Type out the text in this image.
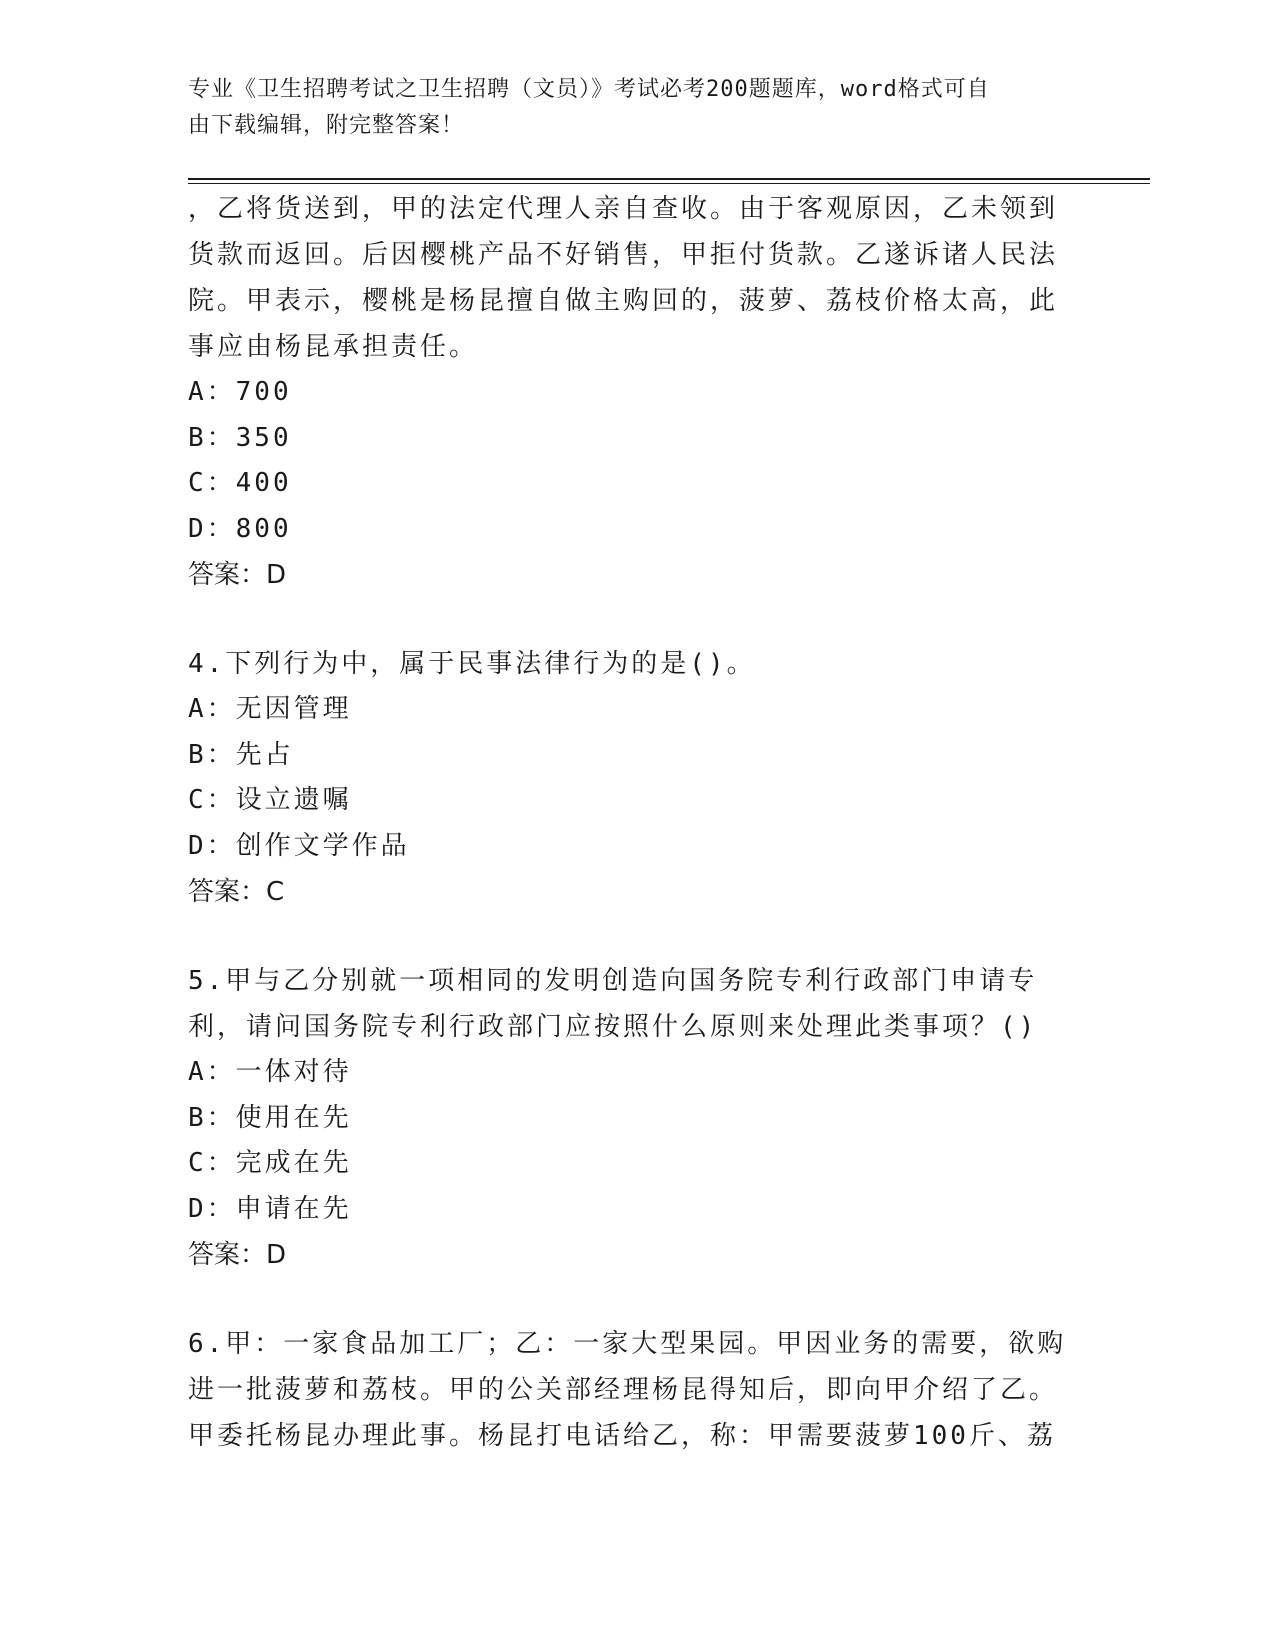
专业《卫生招聘考试之卫生招聘（文员）》考试必考200题题库，word格式可自
由下载编辑，附完整答案！

，乙将货送到，甲的法定代理人亲自查收。由于客观原因，乙未领到货款而返回。后因樱桃产品不好销售，甲拒付货款。乙遂诉诸人民法院。甲表示，樱桃是杨昆擅自做主购回的，菠萝、荔枝价格太高，此事应由杨昆承担责任。

A：700

B：350

C：400

D：800

答案：D

4.下列行为中，属于民事法律行为的是()。

A：无因管理

B：先占

C：设立遗嘱

D：创作文学作品

答案：C

5.甲与乙分别就一项相同的发明创造向国务院专利行政部门申请专利，请问国务院专利行政部门应按照什么原则来处理此类事项？()

A：一体对待

B：使用在先

C：完成在先

D：申请在先

答案：D

6.甲：一家食品加工厂；乙：一家大型果园。甲因业务的需要，欲购进一批菠萝和荔枝。甲的公关部经理杨昆得知后，即向甲介绍了乙。甲委托杨昆办理此事。杨昆打电话给乙，称：甲需要菠萝100斤、荔
